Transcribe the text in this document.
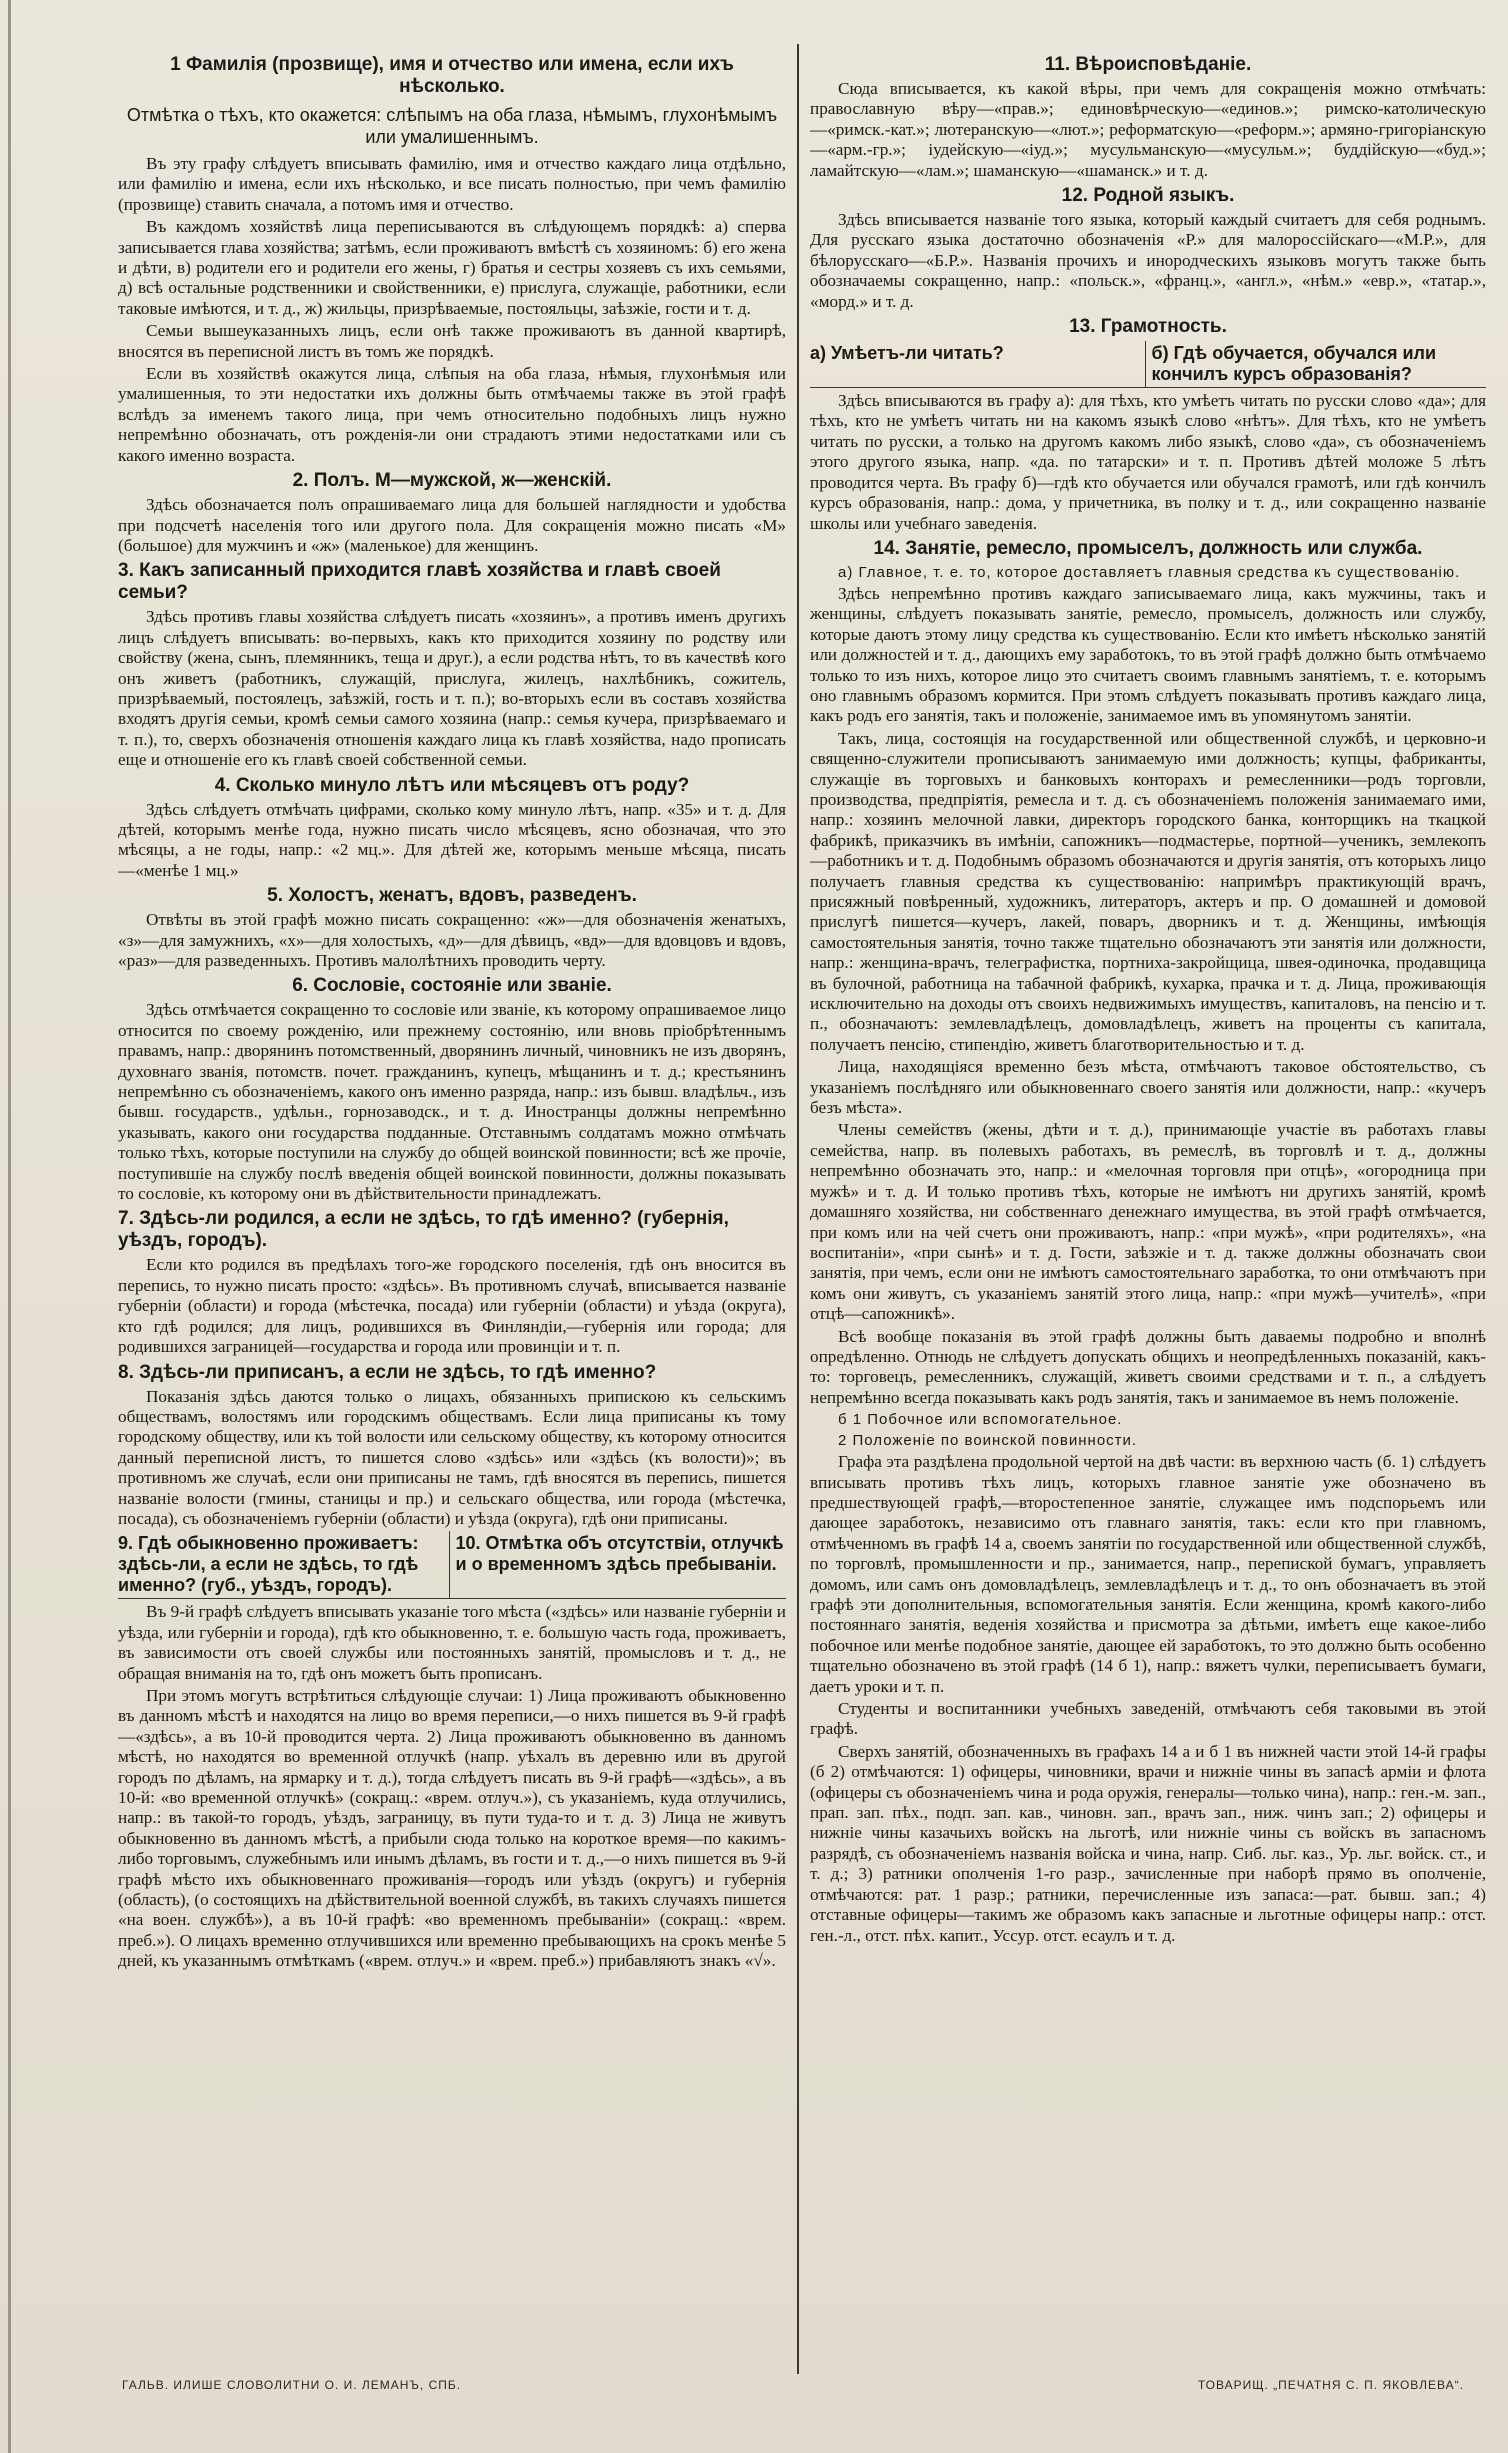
1 Фамилія (прозвище), имя и отчество или имена, если ихъ нѣсколько.
Отмѣтка о тѣхъ, кто окажется: слѣпымъ на оба глаза, нѣмымъ, глухонѣмымъ или умалишеннымъ.

Въ эту графу слѣдуетъ вписывать фамилію, имя и отчество каждаго лица отдѣльно, или фамилію и имена, если ихъ нѣсколько, и все писать полностью, при чемъ фамилію (прозвище) ставить сначала, а потомъ имя и отчество.

Въ каждомъ хозяйствѣ лица переписываются въ слѣдующемъ порядкѣ: а) сперва записывается глава хозяйства; затѣмъ, если проживаютъ вмѣстѣ съ хозяиномъ: б) его жена и дѣти, в) родители его и родители его жены, г) братья и сестры хозяевъ съ ихъ семьями, д) всѣ остальные родственники и свойственники, е) прислуга, служащіе, работники, если таковые имѣются, и т. д., ж) жильцы, призрѣваемые, постояльцы, заѣзжіе, гости и т. д.

Семьи вышеуказанныхъ лицъ, если онѣ также проживаютъ въ данной квартирѣ, вносятся въ переписной листъ въ томъ же порядкѣ.

Если въ хозяйствѣ окажутся лица, слѣпыя на оба глаза, нѣмыя, глухонѣмыя или умалишенныя, то эти недостатки ихъ должны быть отмѣчаемы также въ этой графѣ вслѣдъ за именемъ такого лица, при чемъ относительно подобныхъ лицъ нужно непремѣнно обозначать, отъ рожденія-ли они страдаютъ этими недостатками или съ какого именно возраста.

2. Полъ. М—мужской, ж—женскій.

Здѣсь обозначается полъ опрашиваемаго лица для большей наглядности и удобства при подсчетѣ населенія того или другого пола. Для сокращенія можно писать «М» (большое) для мужчинъ и «ж» (маленькое) для женщинъ.

3. Какъ записанный приходится главѣ хозяйства и главѣ своей семьи?

Здѣсь противъ главы хозяйства слѣдуетъ писать «хозяинъ», а противъ именъ другихъ лицъ слѣдуетъ вписывать: во-первыхъ, какъ кто приходится хозяину по родству или свойству (жена, сынъ, племянникъ, теща и друг.), а если родства нѣтъ, то въ качествѣ кого онъ живетъ (работникъ, служащій, прислуга, жилецъ, нахлѣбникъ, сожитель, призрѣваемый, постоялецъ, заѣзжій, гость и т. п.); во-вторыхъ если въ составъ хозяйства входятъ другія семьи, кромѣ семьи самого хозяина (напр.: семья кучера, призрѣваемаго и т. п.), то, сверхъ обозначенія отношенія каждаго лица къ главѣ хозяйства, надо прописать еще и отношеніе его къ главѣ своей собственной семьи.

4. Сколько минуло лѣтъ или мѣсяцевъ отъ роду?

Здѣсь слѣдуетъ отмѣчать цифрами, сколько кому минуло лѣтъ, напр. «35» и т. д. Для дѣтей, которымъ менѣе года, нужно писать число мѣсяцевъ, ясно обозначая, что это мѣсяцы, а не годы, напр.: «2 мц.». Для дѣтей же, которымъ меньше мѣсяца, писать—«менѣе 1 мц.»

5. Холостъ, женатъ, вдовъ, разведенъ.

Отвѣты въ этой графѣ можно писать сокращенно: «ж»—для обозначенія женатыхъ, «з»—для замужнихъ, «х»—для холостыхъ, «д»—для дѣвицъ, «вд»—для вдовцовъ и вдовъ, «раз»—для разведенныхъ. Противъ малолѣтнихъ проводить черту.

6. Сословіе, состояніе или званіе.

Здѣсь отмѣчается сокращенно то сословіе или званіе, къ которому опрашиваемое лицо относится по своему рожденію, или прежнему состоянію, или вновь пріобрѣтеннымъ правамъ, напр.: дворянинъ потомственный, дворянинъ личный, чиновникъ не изъ дворянъ, духовнаго званія, потомств. почет. гражданинъ, купецъ, мѣщанинъ и т. д.; крестьянинъ непремѣнно съ обозначеніемъ, какого онъ именно разряда, напр.: изъ бывш. владѣльч., изъ бывш. государств., удѣльн., горнозаводск., и т. д. Иностранцы должны непремѣнно указывать, какого они государства подданные. Отставнымъ солдатамъ можно отмѣчать только тѣхъ, которые поступили на службу до общей воинской повинности; всѣ же прочіе, поступившіе на службу послѣ введенія общей воинской повинности, должны показывать то сословіе, къ которому они въ дѣйствительности принадлежатъ.

7. Здѣсь-ли родился, а если не здѣсь, то гдѣ именно? (губернія, уѣздъ, городъ).

Если кто родился въ предѣлахъ того-же городского поселенія, гдѣ онъ вносится въ перепись, то нужно писать просто: «здѣсь». Въ противномъ случаѣ, вписывается названіе губерніи (области) и города (мѣстечка, посада) или губерніи (области) и уѣзда (округа), кто гдѣ родился; для лицъ, родившихся въ Финляндіи,—губернія или города; для родившихся заграницей—государства и города или провинціи и т. п.

8. Здѣсь-ли приписанъ, а если не здѣсь, то гдѣ именно?

Показанія здѣсь даются только о лицахъ, обязанныхъ припискою къ сельскимъ обществамъ, волостямъ или городскимъ обществамъ. Если лица приписаны къ тому городскому обществу, или къ той волости или сельскому обществу, къ которому относится данный переписной листъ, то пишется слово «здѣсь» или «здѣсь (къ волости)»; въ противномъ же случаѣ, если они приписаны не тамъ, гдѣ вносятся въ перепись, пишется названіе волости (гмины, станицы и пр.) и сельскаго общества, или города (мѣстечка, посада), съ обозначеніемъ губерніи (области) и уѣзда (округа), гдѣ они приписаны.

9. Гдѣ обыкновенно проживаетъ: здѣсь-ли, а если не здѣсь, то гдѣ именно? (губ., уѣздъ, городъ).
10. Отмѣтка объ отсутствіи, отлучкѣ и о временномъ здѣсь пребываніи.

Въ 9-й графѣ слѣдуетъ вписывать указаніе того мѣста («здѣсь» или названіе губерніи и уѣзда, или губерніи и города), гдѣ кто обыкновенно, т. е. большую часть года, проживаетъ, въ зависимости отъ своей службы или постоянныхъ занятій, промысловъ и т. д., не обращая вниманія на то, гдѣ онъ можетъ быть прописанъ.

При этомъ могутъ встрѣтиться слѣдующіе случаи: 1) Лица проживаютъ обыкновенно въ данномъ мѣстѣ и находятся на лицо во время переписи,—о нихъ пишется въ 9-й графѣ—«здѣсь», а въ 10-й проводится черта. 2) Лица проживаютъ обыкновенно въ данномъ мѣстѣ, но находятся во временной отлучкѣ (напр. уѣхалъ въ деревню или въ другой городъ по дѣламъ, на ярмарку и т. д.), тогда слѣдуетъ писать въ 9-й графѣ—«здѣсь», а въ 10-й: «во временной отлучкѣ» (сокращ.: «врем. отлуч.»), съ указаніемъ, куда отлучились, напр.: въ такой-то городъ, уѣздъ, заграницу, въ пути туда-то и т. д. 3) Лица не живутъ обыкновенно въ данномъ мѣстѣ, а прибыли сюда только на короткое время—по какимъ-либо торговымъ, служебнымъ или инымъ дѣламъ, въ гости и т. д.,—о нихъ пишется въ 9-й графѣ мѣсто ихъ обыкновеннаго проживанія—городъ или уѣздъ (округъ) и губернія (область), (о состоящихъ на дѣйствительной военной службѣ, въ такихъ случаяхъ пишется «на воен. службѣ»), а въ 10-й графѣ: «во временномъ пребываніи» (сокращ.: «врем. преб.»). О лицахъ временно отлучившихся или временно пребывающихъ на срокъ менѣе 5 дней, къ указаннымъ отмѣткамъ («врем. отлуч.» и «врем. преб.») прибавляютъ знакъ «√».

11. Вѣроисповѣданіе.

Сюда вписывается, къ какой вѣры, при чемъ для сокращенія можно отмѣчать: православную вѣру—«прав.»; единовѣрческую—«единов.»; римско-католическую—«римск.-кат.»; лютеранскую—«лют.»; реформатскую—«реформ.»; армяно-григоріанскую—«арм.-гр.»; іудейскую—«іуд.»; мусульманскую—«мусульм.»; буддійскую—«буд.»; ламайтскую—«лам.»; шаманскую—«шаманск.» и т. д.

12. Родной языкъ.

Здѣсь вписывается названіе того языка, который каждый считаетъ для себя роднымъ. Для русскаго языка достаточно обозначенія «Р.» для малороссійскаго—«М.Р.», для бѣлорусскаго—«Б.Р.». Названія прочихъ и инородческихъ языковъ могутъ также быть обозначаемы сокращенно, напр.: «польск.», «франц.», «англ.», «нѣм.» «евр.», «татар.», «морд.» и т. д.

13. Грамотность.
а) Умѣетъ-ли читать?	б) Гдѣ обучается, обучался или кончилъ курсъ образованія?

Здѣсь вписываются въ графу а): для тѣхъ, кто умѣетъ читать по русски слово «да»; для тѣхъ, кто не умѣетъ читать ни на какомъ языкѣ слово «нѣтъ». Для тѣхъ, кто не умѣетъ читать по русски, а только на другомъ какомъ либо языкѣ, слово «да», съ обозначеніемъ этого другого языка, напр. «да. по татарски» и т. п. Противъ дѣтей моложе 5 лѣтъ проводится черта. Въ графу б)—гдѣ кто обучается или обучался грамотѣ, или гдѣ кончилъ курсъ образованія, напр.: дома, у причетника, въ полку и т. д., или сокращенно названіе школы или учебнаго заведенія.

14. Занятіе, ремесло, промыселъ, должность или служба.
а) Главное, т. е. то, которое доставляетъ главныя средства къ существованію.

Здѣсь непремѣнно противъ каждаго записываемаго лица, какъ мужчины, такъ и женщины, слѣдуетъ показывать занятіе, ремесло, промыселъ, должность или службу, которые даютъ этому лицу средства къ существованію. Если кто имѣетъ нѣсколько занятій или должностей и т. д., дающихъ ему заработокъ, то въ этой графѣ должно быть отмѣчаемо только то изъ нихъ, которое лицо это считаетъ своимъ главнымъ занятіемъ, т. е. которымъ оно главнымъ образомъ кормится. При этомъ слѣдуетъ показывать противъ каждаго лица, какъ родъ его занятія, такъ и положеніе, занимаемое имъ въ упомянутомъ занятіи.

Такъ, лица, состоящія на государственной или общественной службѣ, и церковно-и священно-служители прописываютъ занимаемую ими должность; купцы, фабриканты, служащіе въ торговыхъ и банковыхъ конторахъ и ремесленники—родъ торговли, производства, предпріятія, ремесла и т. д. съ обозначеніемъ положенія занимаемаго ими, напр.: хозяинъ мелочной лавки, директоръ городского банка, конторщикъ на ткацкой фабрикѣ, приказчикъ въ имѣніи, сапожникъ—подмастерье, портной—ученикъ, землекопъ—работникъ и т. д. Подобнымъ образомъ обозначаются и другія занятія, отъ которыхъ лицо получаетъ главныя средства къ существованію: напримѣръ практикующій врачъ, присяжный повѣренный, художникъ, литераторъ, актеръ и пр. О домашней и домовой прислугѣ пишется—кучеръ, лакей, поваръ, дворникъ и т. д. Женщины, имѣющія самостоятельныя занятія, точно также тщательно обозначаютъ эти занятія или должности, напр.: женщина-врачъ, телеграфистка, портниха-закройщица, швея-одиночка, продавщица въ булочной, работница на табачной фабрикѣ, кухарка, прачка и т. д. Лица, проживающія исключительно на доходы отъ своихъ недвижимыхъ имуществъ, капиталовъ, на пенсію и т. п., обозначаютъ: землевладѣлецъ, домовладѣлецъ, живетъ на проценты съ капитала, получаетъ пенсію, стипендію, живетъ благотворительностью и т. д.

Лица, находящіяся временно безъ мѣста, отмѣчаютъ таковое обстоятельство, съ указаніемъ послѣдняго или обыкновеннаго своего занятія или должности, напр.: «кучеръ безъ мѣста».

Члены семействъ (жены, дѣти и т. д.), принимающіе участіе въ работахъ главы семейства, напр. въ полевыхъ работахъ, въ ремеслѣ, въ торговлѣ и т. д., должны непремѣнно обозначать это, напр.: и «мелочная торговля при отцѣ», «огородница при мужѣ» и т. д. И только противъ тѣхъ, которые не имѣютъ ни другихъ занятій, кромѣ домашняго хозяйства, ни собственнаго денежнаго имущества, въ этой графѣ отмѣчается, при комъ или на чей счетъ они проживаютъ, напр.: «при мужѣ», «при родителяхъ», «на воспитаніи», «при сынѣ» и т. д. Гости, заѣзжіе и т. д. также должны обозначать свои занятія, при чемъ, если они не имѣютъ самостоятельнаго заработка, то они отмѣчаютъ при комъ они живутъ, съ указаніемъ занятій этого лица, напр.: «при мужѣ—учителѣ», «при отцѣ—сапожникѣ».

Всѣ вообще показанія въ этой графѣ должны быть даваемы подробно и вполнѣ опредѣленно. Отнюдь не слѣдуетъ допускать общихъ и неопредѣленныхъ показаній, какъ-то: торговецъ, ремесленникъ, служащій, живетъ своими средствами и т. п., а слѣдуетъ непремѣнно всегда показывать какъ родъ занятія, такъ и занимаемое въ немъ положеніе.

б 1 Побочное или вспомогательное.
2 Положеніе по воинской повинности.

Графа эта раздѣлена продольной чертой на двѣ части: въ верхнюю часть (б. 1) слѣдуетъ вписывать противъ тѣхъ лицъ, которыхъ главное занятіе уже обозначено въ предшествующей графѣ,—второстепенное занятіе, служащее имъ подспорьемъ или дающее заработокъ, независимо отъ главнаго занятія, такъ: если кто при главномъ, отмѣченномъ въ графѣ 14 а, своемъ занятіи по государственной или общественной службѣ, по торговлѣ, промышленности и пр., занимается, напр., перепиской бумагъ, управляетъ домомъ, или самъ онъ домовладѣлецъ, землевладѣлецъ и т. д., то онъ обозначаетъ въ этой графѣ эти дополнительныя, вспомогательныя занятія. Если женщина, кромѣ какого-либо постояннаго занятія, веденія хозяйства и присмотра за дѣтьми, имѣетъ еще какое-либо побочное или менѣе подобное занятіе, дающее ей заработокъ, то это должно быть особенно тщательно обозначено въ этой графѣ (14 б 1), напр.: вяжетъ чулки, переписываетъ бумаги, даетъ уроки и т. п.

Студенты и воспитанники учебныхъ заведеній, отмѣчаютъ себя таковыми въ этой графѣ.

Сверхъ занятій, обозначенныхъ въ графахъ 14 а и б 1 въ нижней части этой 14-й графы (б 2) отмѣчаются: 1) офицеры, чиновники, врачи и нижніе чины въ запасѣ арміи и флота (офицеры съ обозначеніемъ чина и рода оружія, генералы—только чина), напр.: ген.-м. зап., прап. зап. пѣх., подп. зап. кав., чиновн. зап., врачъ зап., ниж. чинъ зап.; 2) офицеры и нижніе чины казачьихъ войскъ на льготѣ, или нижніе чины съ войскъ въ запасномъ разрядѣ, съ обозначеніемъ названія войска и чина, напр. Сиб. льг. каз., Ур. льг. войск. ст., и т. д.; 3) ратники ополченія 1-го разр., зачисленные при наборѣ прямо въ ополченіе, отмѣчаются: рат. 1 разр.; ратники, перечисленные изъ запаса:—рат. бывш. зап.; 4) отставные офицеры—такимъ же образомъ какъ запасные и льготные офицеры напр.: отст. ген.-л., отст. пѣх. капит., Уссур. отст. есаулъ и т. д.

ГАЛЬВ. ИЛИШЕ СЛОВОЛИТНИ О. И. ЛЕМАНЪ, СПБ.	ТОВАРИЩ. „ПЕЧАТНЯ С. П. ЯКОВЛЕВА“.
